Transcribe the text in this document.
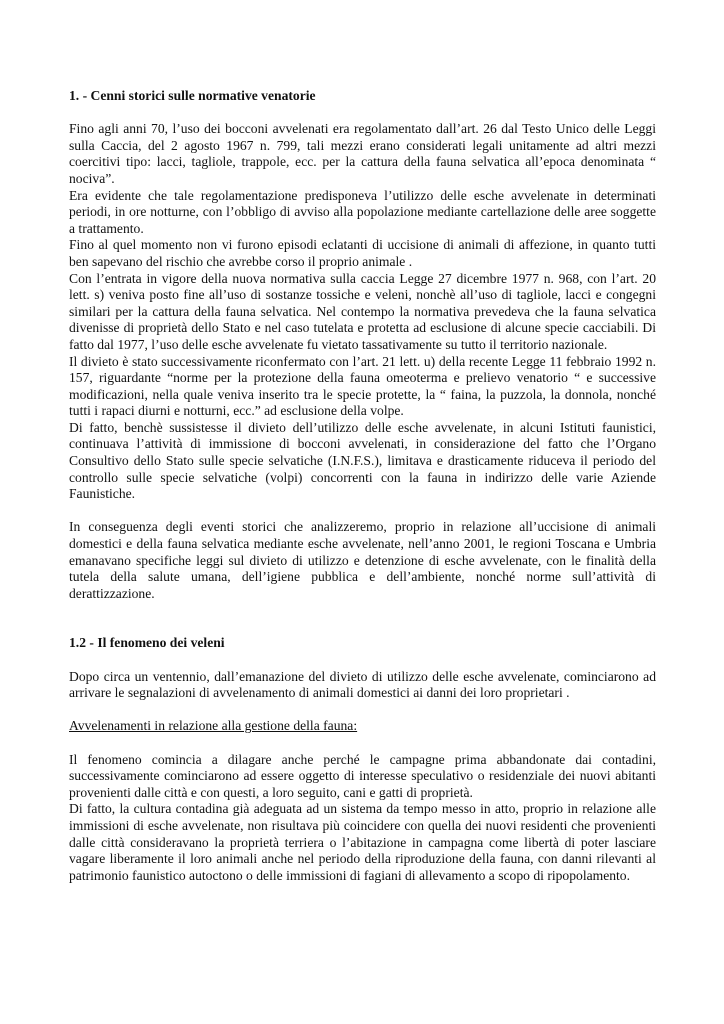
1. - Cenni storici sulle normative venatorie

Fino agli anni 70, l’uso dei bocconi avvelenati era regolamentato dall’art. 26 dal Testo Unico delle Leggi sulla Caccia, del 2 agosto 1967 n. 799, tali mezzi erano considerati legali unitamente ad altri mezzi coercitivi tipo: lacci, tagliole, trappole, ecc. per la cattura della fauna selvatica all’epoca denominata “ nociva”.

Era evidente che tale regolamentazione predisponeva l’utilizzo delle esche avvelenate in determinati periodi, in ore notturne, con l’obbligo di avviso alla popolazione mediante cartellazione delle aree soggette a trattamento.

Fino al quel momento non vi furono episodi eclatanti di uccisione di animali di affezione, in quanto tutti ben sapevano del rischio che avrebbe corso il proprio animale .

Con l’entrata in vigore della nuova normativa sulla caccia Legge 27 dicembre 1977 n. 968, con l’art. 20 lett. s) veniva posto fine all’uso di sostanze tossiche e veleni, nonchè all’uso di tagliole, lacci e congegni similari per la cattura della fauna selvatica. Nel contempo la normativa prevedeva che la fauna selvatica divenisse di proprietà dello Stato e nel caso tutelata e protetta ad esclusione di alcune specie cacciabili. Di fatto dal 1977, l’uso delle esche avvelenate fu vietato tassativamente su tutto il territorio nazionale.

Il divieto è stato successivamente riconfermato con l’art. 21 lett. u) della recente Legge 11 febbraio 1992 n. 157, riguardante “norme per la protezione della fauna omeoterma e prelievo venatorio “ e successive modificazioni, nella quale veniva inserito tra le specie protette, la “ faina, la puzzola, la donnola, nonché tutti i rapaci diurni e notturni, ecc.” ad esclusione della volpe.

Di fatto, benchè sussistesse il divieto dell’utilizzo delle esche avvelenate, in alcuni Istituti faunistici, continuava l’attività di immissione di bocconi avvelenati, in considerazione del fatto che l’Organo Consultivo dello Stato sulle specie selvatiche (I.N.F.S.), limitava e drasticamente riduceva il periodo del controllo sulle specie selvatiche (volpi) concorrenti con la fauna in indirizzo delle varie Aziende Faunistiche.

In conseguenza degli eventi storici che analizzeremo, proprio in relazione all’uccisione di animali domestici e della fauna selvatica mediante esche avvelenate, nell’anno 2001, le regioni Toscana e Umbria emanavano specifiche leggi sul divieto di utilizzo e detenzione di esche avvelenate, con le finalità della tutela della salute umana, dell’igiene pubblica e dell’ambiente, nonché norme sull’attività di derattizzazione.

1.2 - Il fenomeno dei veleni

Dopo circa un ventennio, dall’emanazione del divieto di utilizzo delle esche avvelenate, cominciarono ad arrivare le segnalazioni di avvelenamento di animali domestici ai danni dei loro proprietari .

Avvelenamenti in relazione alla gestione della fauna:

Il fenomeno comincia a dilagare anche perché le campagne prima abbandonate dai contadini, successivamente cominciarono ad essere oggetto di interesse speculativo o residenziale dei nuovi abitanti provenienti dalle città e con questi, a loro seguito, cani e gatti di proprietà.

Di fatto, la cultura contadina già adeguata ad un sistema da tempo messo in atto, proprio in relazione alle immissioni di esche avvelenate, non risultava più coincidere con quella dei nuovi residenti che provenienti dalle città consideravano la proprietà terriera o l’abitazione in campagna come libertà di poter lasciare vagare liberamente il loro animali anche nel periodo della riproduzione della fauna, con danni rilevanti al patrimonio faunistico autoctono o delle immissioni di fagiani di allevamento a scopo di ripopolamento.
